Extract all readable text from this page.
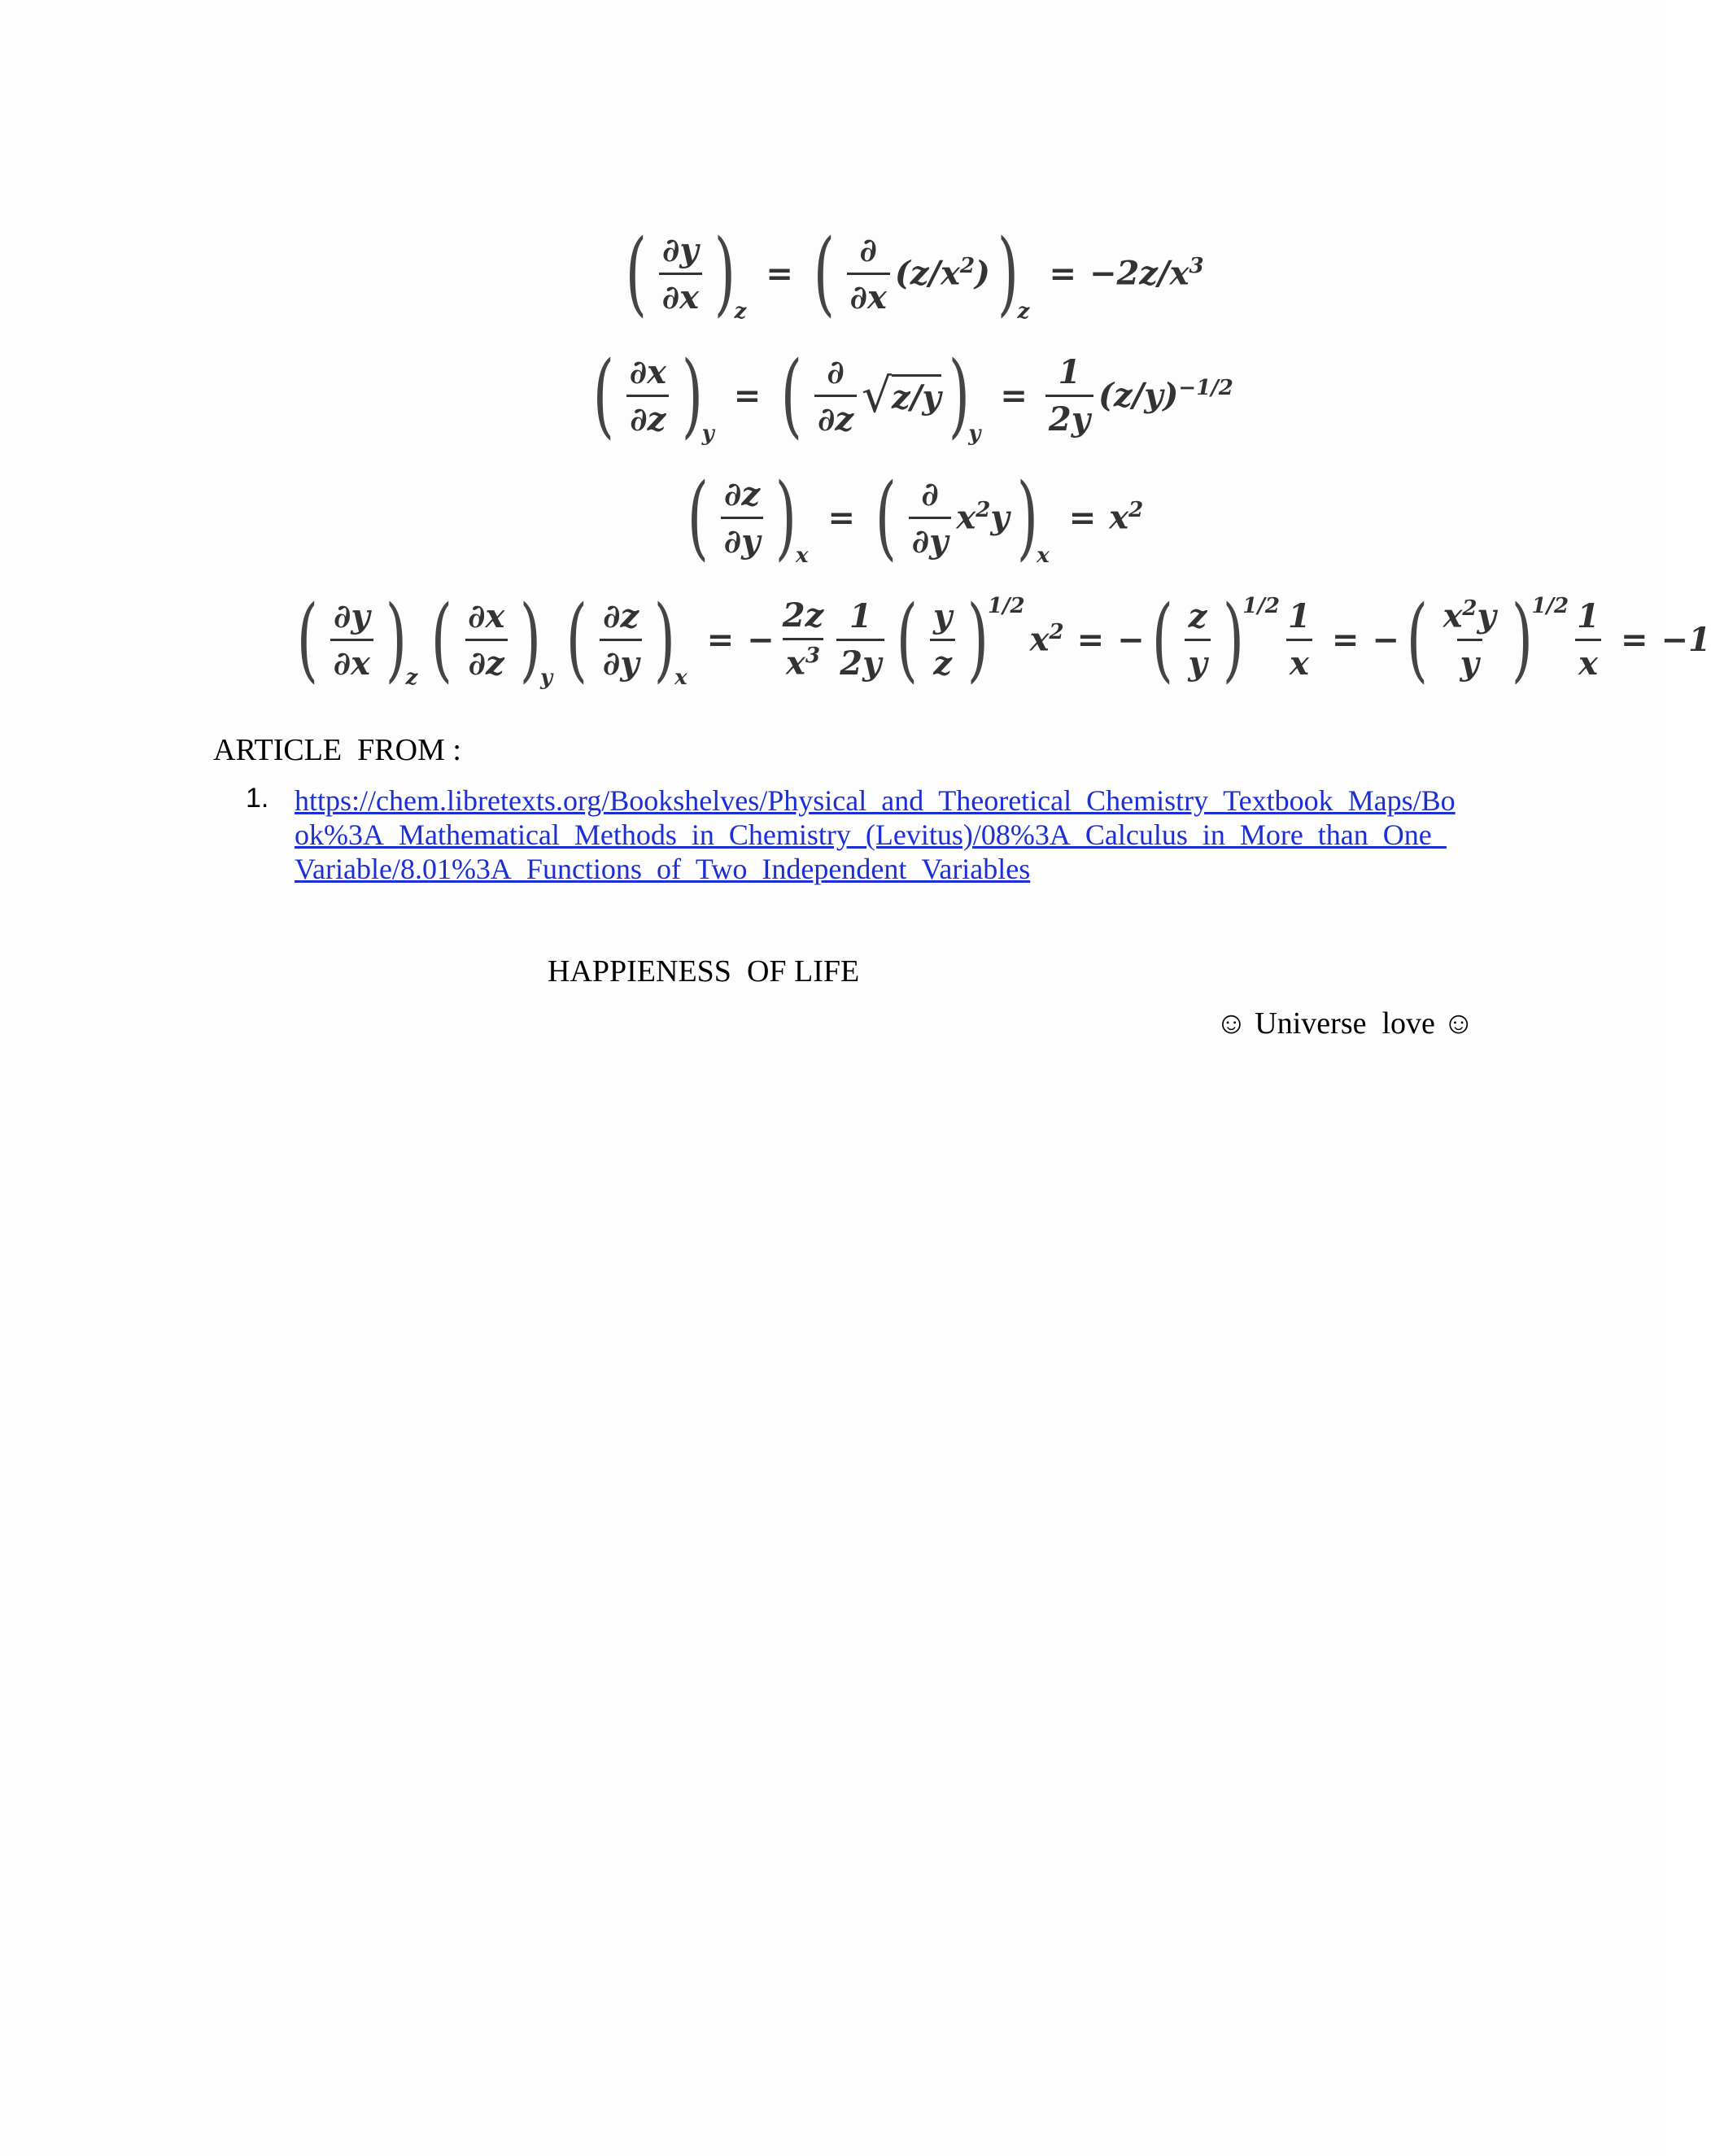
( $\frac{\partial y}{\partial x}$ )
z
= ( $\frac{\partial}{\partial x} (z/x^2)$ )
z
= $-2z/x^3$
( $\frac{\partial x}{\partial z}$ )
y
= ( $\frac{\partial}{\partial z}$ √ z/y )
y
= $\frac{1}{2y} (z/y)^{-1/2}$
( $\frac{\partial z}{\partial y}$ )
x
= ( $\frac{\partial}{\partial y} x^2y$ )
x
= $x^2$
( $\frac{\partial y}{\partial x}$ )
z ( $\frac{\partial x}{\partial z}$ )
y ( $\frac{\partial z}{\partial y}$ )
x
= − $\frac{2z}{x^3} \frac{1}{2y}$ ( $\frac{y}{z}$ )
1/2
$x^2$ = − ( $\frac{z}{y}$ )
$1/2 \frac{1}{x}$ = − ( $\frac{x^2y}{y}$ )
$1/2 \frac{1}{x} = -1$
ARTICLE  FROM :
1. https://chem.libretexts.org/Bookshelves/Physical_and_Theoretical_Chemistry_Textbook_Maps/Book%3A_Mathematical_Methods_in_Chemistry_(Levitus)/08%3A_Calculus_in_More_than_One_Variable/8.01%3A_Functions_of_Two_Independent_Variables
HAPPIENESS  OF LIFE
☺ Universe  love ☺
